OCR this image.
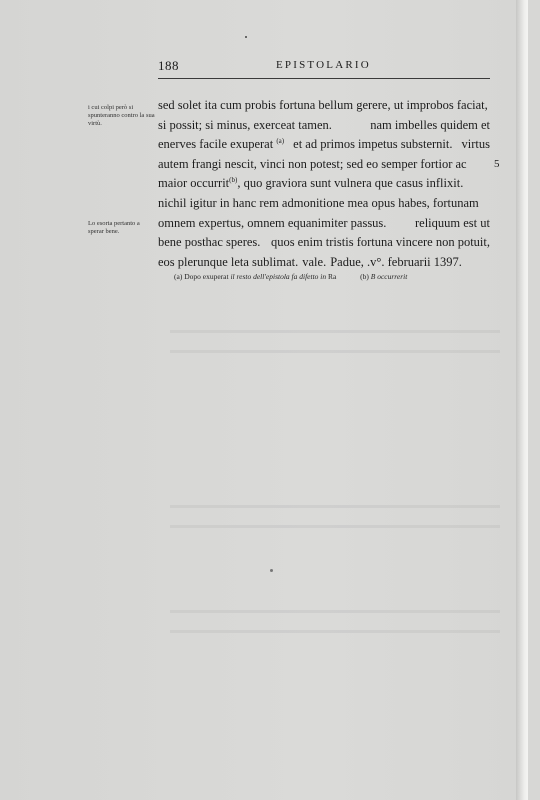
188	EPISTOLARIO
i cui colpi però si spunteranno contro la sua virtù.
Lo esorta pertanto a sperar bene.
sed solet ita cum probis fortuna bellum gerere, ut improbos faciat,
si possit; si minus, exerceat tamen.	nam imbelles quidem et
enerves facile exuperat $^{(a)}$ et ad primos impetus substernit. virtus
autem frangi nescit, vinci non potest; sed eo semper fortior ac
maior occurrit$^{(b)}$, quo graviora sunt vulnera que casus inflixit.
nichil igitur in hanc rem admonitione mea opus habes, fortunam
omnem expertus, omnem equanimiter passus. reliquum est ut
bene posthac speres. quos enim tristis fortuna vincere non potuit,
eos plerunque leta sublimat. vale. Padue, .v°. februarii 1397.
5
(a) Dopo exuperat il resto dell'epistola fa difetto in Ra	(b) B occurrerit
